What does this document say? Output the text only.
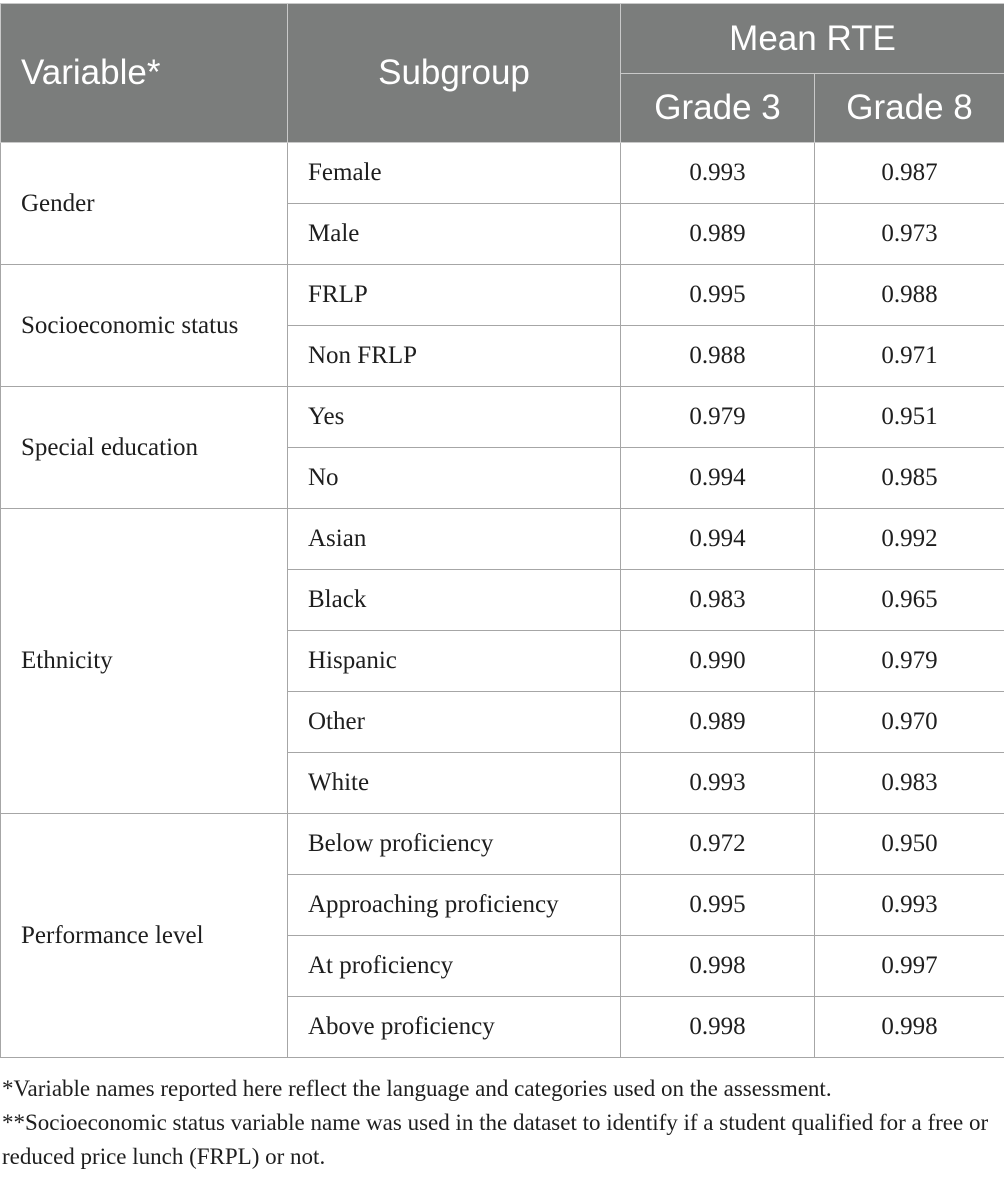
Variable*	Subgroup	Mean RTE	
		Grade 3	Grade 8
Gender	Female	0.993	0.987
	Male	0.989	0.973
Socioeconomic status	FRLP	0.995	0.988
	Non FRLP	0.988	0.971
Special education	Yes	0.979	0.951
	No	0.994	0.985
Ethnicity	Asian	0.994	0.992
	Black	0.983	0.965
	Hispanic	0.990	0.979
	Other	0.989	0.970
	White	0.993	0.983
Performance level	Below proficiency	0.972	0.950
	Approaching proficiency	0.995	0.993
	At proficiency	0.998	0.997
	Above proficiency	0.998	0.998

*Variable names reported here reflect the language and categories used on the assessment.

**Socioeconomic status variable name was used in the dataset to identify if a student qualified for a free or reduced price lunch (FRPL) or not.
